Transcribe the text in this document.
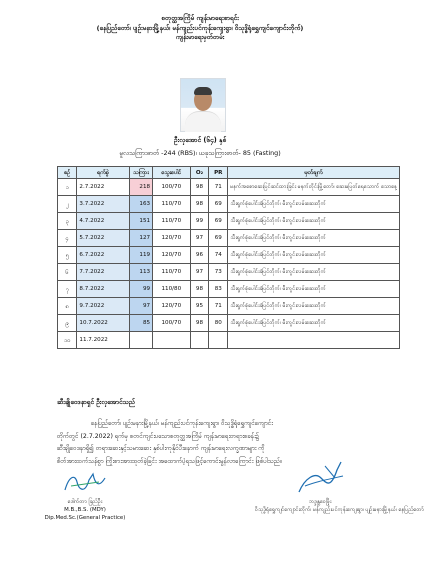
စတုတ္ထအကြိမ် ကျန်းမာရေးစာရင်း
(နေပြည်တော်၊ ပျဉ်းမနားမြို့နယ်၊ မန်ကျည်းပင်ကုန်းကျေးရွာ၊ ဝိသုဒ္ဓိရုံရွှေကျင်ကျောင်းတိုက်)
ကျန်းမာရေးမှတ်တမ်း
ဦးလှအောင် (၆၄) နှစ်
မူလသကြားဓာတ် -244 (RBS)၊ ယခုသကြားဓာတ်- 85 (Fasting)
စဉ်	ရက်စွဲ	သကြား	သွေးပေါင်	O₂	PR	မှတ်ချက်
၁	2.7.2022	218	100/70	98	71	မနက်အစောဆေးပြင်ဆင်ထားခြင်း မနက်တိုင်းမြို့တော်၊ ဆေးမပြတ်ရေသောက် သောနေ့
၂	3.7.2022	163	110/70	98	69	သီးရွက်စုံပေါင်းခံပြင်တိုက်၊ မီးကွင်းလမ်းဆေးတိုက်
၃	4.7.2022	151	110/70	99	69	သီးရွက်စုံပေါင်းခံပြင်တိုက်၊ မီးကွင်းလမ်းဆေးတိုက်
၄	5.7.2022	127	120/70	97	69	သီးရွက်စုံပေါင်းခံပြင်တိုက်၊ မီးကွင်းလမ်းဆေးတိုက်
၅	6.7.2022	119	120/70	96	74	သီးရွက်စုံပေါင်းခံပြင်တိုက်၊ မီးကွင်းလမ်းဆေးတိုက်
၆	7.7.2022	113	110/70	97	73	သီးရွက်စုံပေါင်းခံပြင်တိုက်၊ မီးကွင်းလမ်းဆေးတိုက်
၇	8.7.2022	99	110/80	98	83	သီးရွက်စုံပေါင်းခံပြင်တိုက်၊ မီးကွင်းလမ်းဆေးတိုက်
၈	9.7.2022	97	120/70	95	71	သီးရွက်စုံပေါင်းခံပြင်တိုက်၊ မီးကွင်းလမ်းဆေးတိုက်
၉	10.7.2022	85	100/70	98	80	သီးရွက်စုံပေါင်းခံပြင်တိုက်၊ မီးကွင်းလမ်းဆေးတိုက်
၁၀	11.7.2022					
ဆီးချိုဝေဒနာရှင် ဦးလှအောင်သည်
နေပြည်တော်၊ ပျဉ်းမနားမြို့နယ်၊ မန်ကျည်းပင်ကုန်းကျေးရွာ၊ ဝိသုဒ္ဓိရုံရွှေကျင်ကျောင်း
တိုက်တွင် (2.7.2022) ရက်မှ စတင်ကျင်းပသောစတုတ္ထအကြိမ် ကျန်းမာရေးတရားစခန်း၌
ဆီးချိုဝေဒနာရှိ၍ တရားဆေးနှင့်သမားဆေး နှစ်ပါးကုနိုင်ပီးနောက် ကျန်းမာရေးလက္ခဏာများ ကို
စိတ်အားထက်သန်စွာ ကြိုးစားအားထုတ်ခဲ့ခြင်း အထောက်ပံ့ရသဖြင့်ကောင်းမွန်လာကြောင်း ဖြစ်ပါသည်။
ဒေါက်တာ ခြည်ဦး
M.B.,B.S. (MDY)
Dip.Med.Sc.(General Practice)
ဘဒ္ဒန္တဝေဖြိုး
ဝိသုဒ္ဓိရုံရွှေကျင်ကျောင်းတိုက်၊ မန်ကျည်းပင်ကုန်းကျေးရွာ၊ ပျဉ်းမနားမြို့နယ်၊ နေပြည်တော်
